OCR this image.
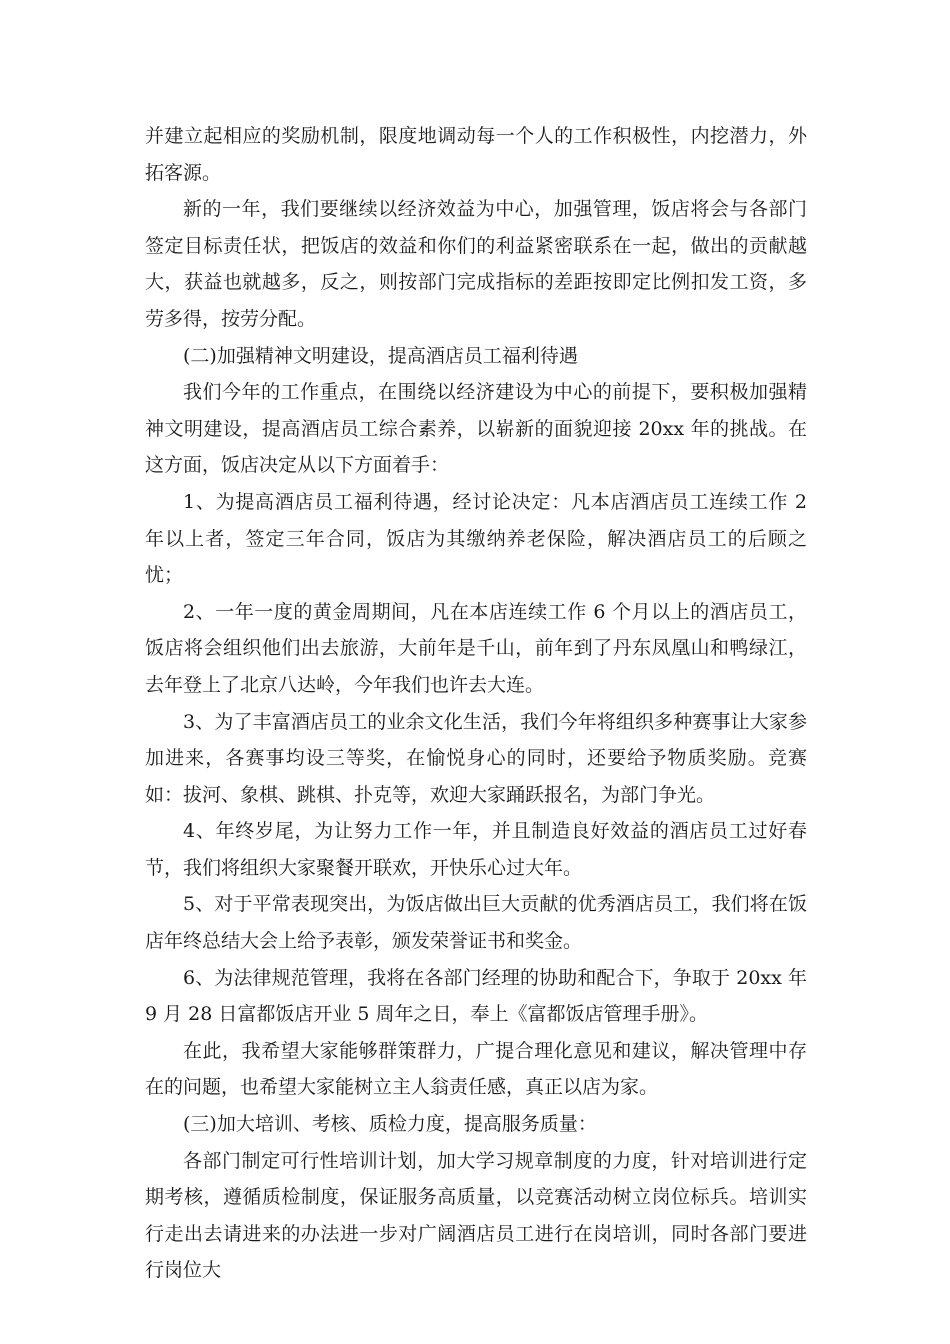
并建立起相应的奖励机制，限度地调动每一个人的工作积极性，内挖潜力，外拓客源。

新的一年，我们要继续以经济效益为中心，加强管理，饭店将会与各部门签定目标责任状，把饭店的效益和你们的利益紧密联系在一起，做出的贡献越大，获益也就越多，反之，则按部门完成指标的差距按即定比例扣发工资，多劳多得，按劳分配。

(二)加强精神文明建设，提高酒店员工福利待遇

我们今年的工作重点，在围绕以经济建设为中心的前提下，要积极加强精神文明建设，提高酒店员工综合素养，以崭新的面貌迎接 20xx 年的挑战。在这方面，饭店决定从以下方面着手：

1、为提高酒店员工福利待遇，经讨论决定：凡本店酒店员工连续工作 2 年以上者，签定三年合同，饭店为其缴纳养老保险，解决酒店员工的后顾之忧；

2、一年一度的黄金周期间，凡在本店连续工作 6 个月以上的酒店员工，饭店将会组织他们出去旅游，大前年是千山，前年到了丹东凤凰山和鸭绿江，去年登上了北京八达岭，今年我们也许去大连。

3、为了丰富酒店员工的业余文化生活，我们今年将组织多种赛事让大家参加进来，各赛事均设三等奖，在愉悦身心的同时，还要给予物质奖励。竞赛如：拔河、象棋、跳棋、扑克等，欢迎大家踊跃报名，为部门争光。

4、年终岁尾，为让努力工作一年，并且制造良好效益的酒店员工过好春节，我们将组织大家聚餐开联欢，开快乐心过大年。

5、对于平常表现突出，为饭店做出巨大贡献的优秀酒店员工，我们将在饭店年终总结大会上给予表彰，颁发荣誉证书和奖金。

6、为法律规范管理，我将在各部门经理的协助和配合下，争取于 20xx 年 9 月 28 日富都饭店开业 5 周年之日，奉上《富都饭店管理手册》。

在此，我希望大家能够群策群力，广提合理化意见和建议，解决管理中存在的问题，也希望大家能树立主人翁责任感，真正以店为家。

(三)加大培训、考核、质检力度，提高服务质量：

各部门制定可行性培训计划，加大学习规章制度的力度，针对培训进行定期考核，遵循质检制度，保证服务高质量，以竞赛活动树立岗位标兵。培训实行走出去请进来的办法进一步对广阔酒店员工进行在岗培训，同时各部门要进行岗位大
